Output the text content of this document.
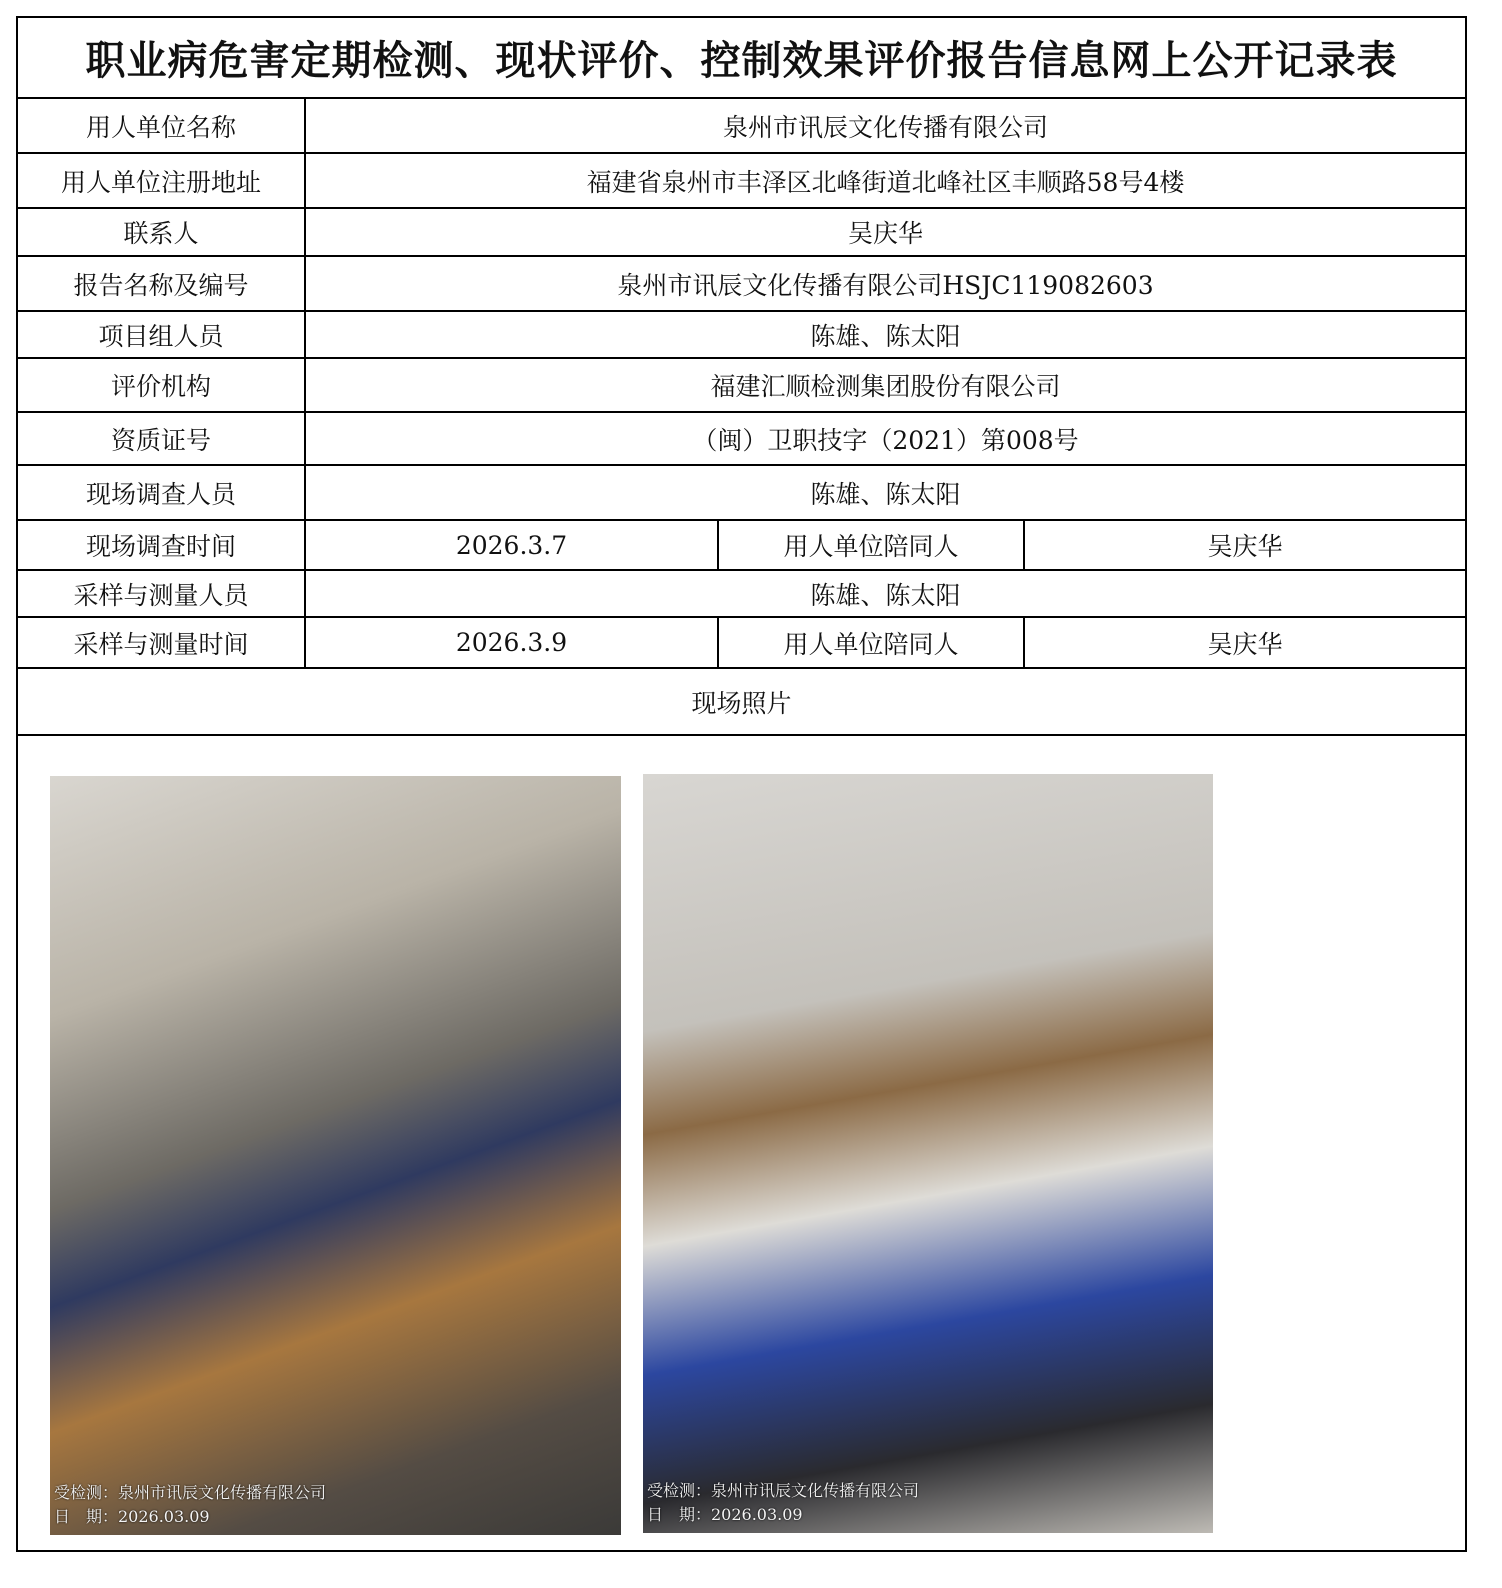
职业病危害定期检测、现状评价、控制效果评价报告信息网上公开记录表
用人单位名称	泉州市讯辰文化传播有限公司
用人单位注册地址	福建省泉州市丰泽区北峰街道北峰社区丰顺路58号4楼
联系人	吴庆华
报告名称及编号	泉州市讯辰文化传播有限公司HSJC119082603
项目组人员	陈雄、陈太阳
评价机构	福建汇顺检测集团股份有限公司
资质证号	（闽）卫职技字（2021）第008号
现场调查人员	陈雄、陈太阳
现场调查时间	2026.3.7	用人单位陪同人	吴庆华
采样与测量人员	陈雄、陈太阳
采样与测量时间	2026.3.9	用人单位陪同人	吴庆华
现场照片
受检测：泉州市讯辰文化传播有限公司
日　期：2026.03.09
受检测：泉州市讯辰文化传播有限公司
日　期：2026.03.09
